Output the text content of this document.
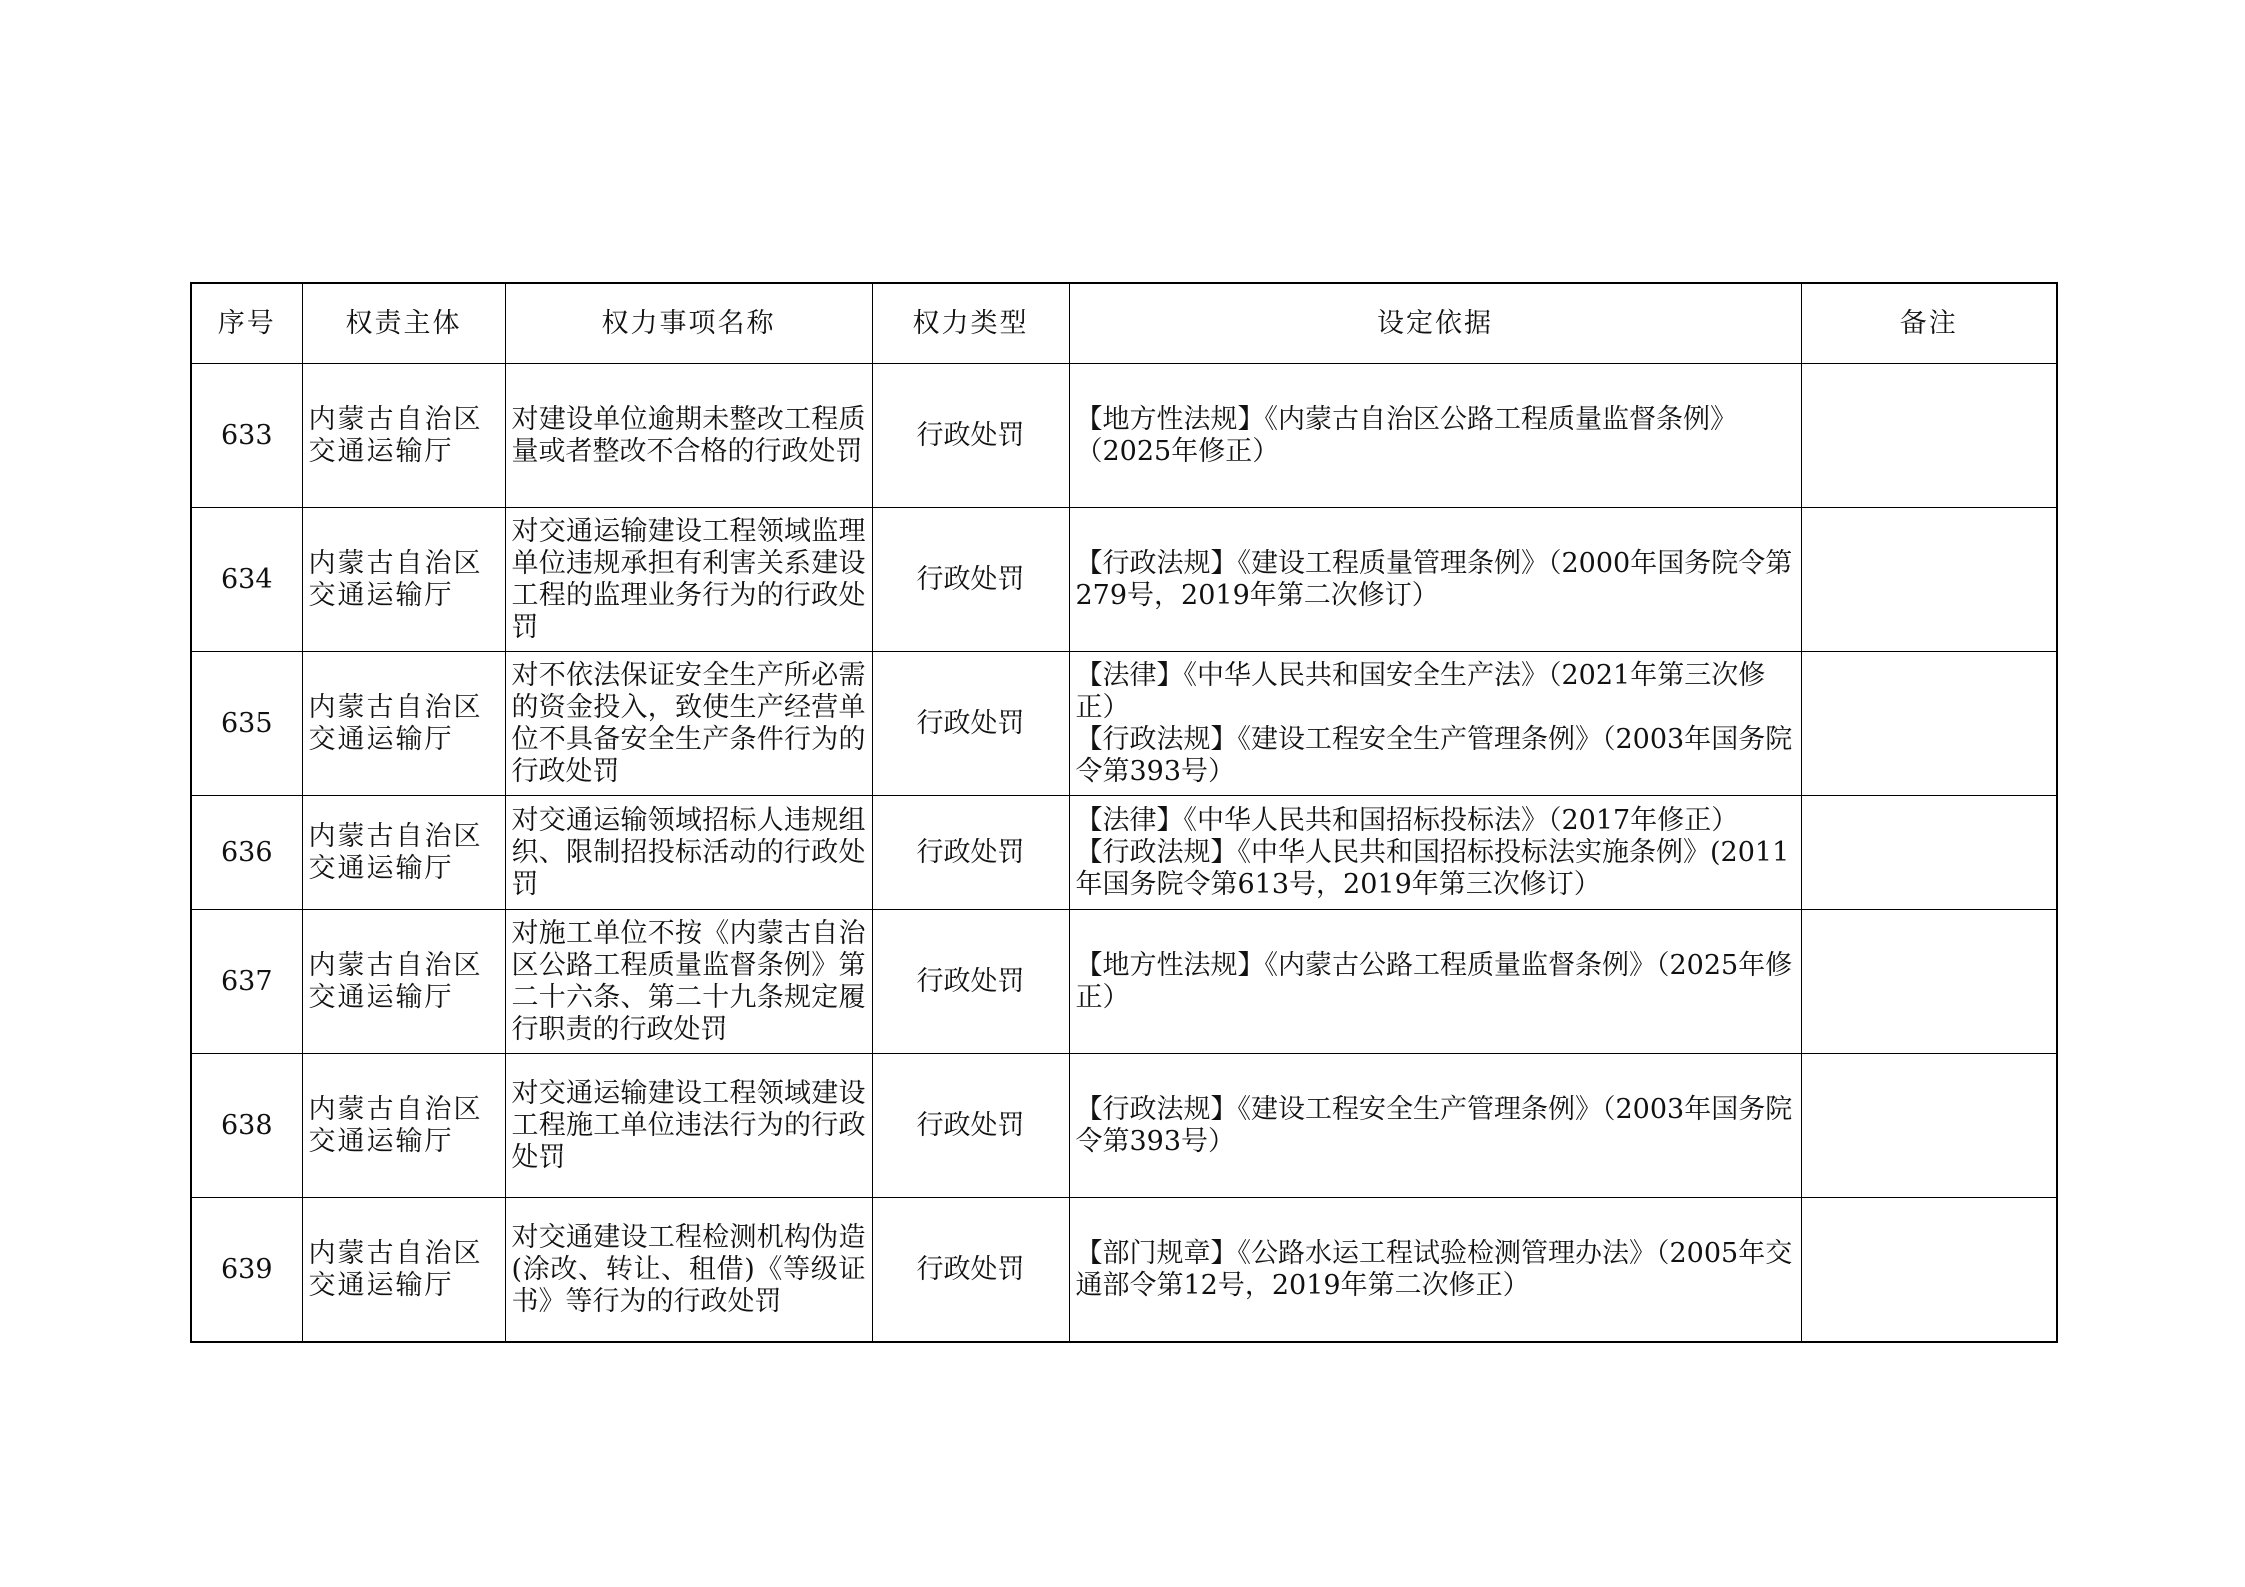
序号	权责主体	权力事项名称	权力类型	设定依据	备注
633	内蒙古自治区交通运输厅	对建设单位逾期未整改工程质量或者整改不合格的行政处罚	行政处罚	【地方性法规】《内蒙古自治区公路工程质量监督条例》（2025年修正）	

634	内蒙古自治区交通运输厅	对交通运输建设工程领域监理单位违规承担有利害关系建设工程的监理业务行为的行政处罚	行政处罚	【行政法规】《建设工程质量管理条例》（2000年国务院令第279号，2019年第二次修订）	

635	内蒙古自治区交通运输厅	对不依法保证安全生产所必需的资金投入，致使生产经营单位不具备安全生产条件行为的行政处罚	行政处罚	【法律】《中华人民共和国安全生产法》（2021年第三次修正）
【行政法规】《建设工程安全生产管理条例》（2003年国务院令第393号）	

636	内蒙古自治区交通运输厅	对交通运输领域招标人违规组织、限制招投标活动的行政处罚	行政处罚	【法律】《中华人民共和国招标投标法》（2017年修正）
【行政法规】《中华人民共和国招标投标法实施条例》(2011年国务院令第613号，2019年第三次修订）	

637	内蒙古自治区交通运输厅	对施工单位不按《内蒙古自治区公路工程质量监督条例》第二十六条、第二十九条规定履行职责的行政处罚	行政处罚	【地方性法规】《内蒙古公路工程质量监督条例》（2025年修正）	

638	内蒙古自治区交通运输厅	对交通运输建设工程领域建设工程施工单位违法行为的行政处罚	行政处罚	【行政法规】《建设工程安全生产管理条例》（2003年国务院令第393号）	

639	内蒙古自治区交通运输厅	对交通建设工程检测机构伪造(涂改、转让、租借)《等级证书》等行为的行政处罚	行政处罚	【部门规章】《公路水运工程试验检测管理办法》（2005年交通部令第12号，2019年第二次修正）	
